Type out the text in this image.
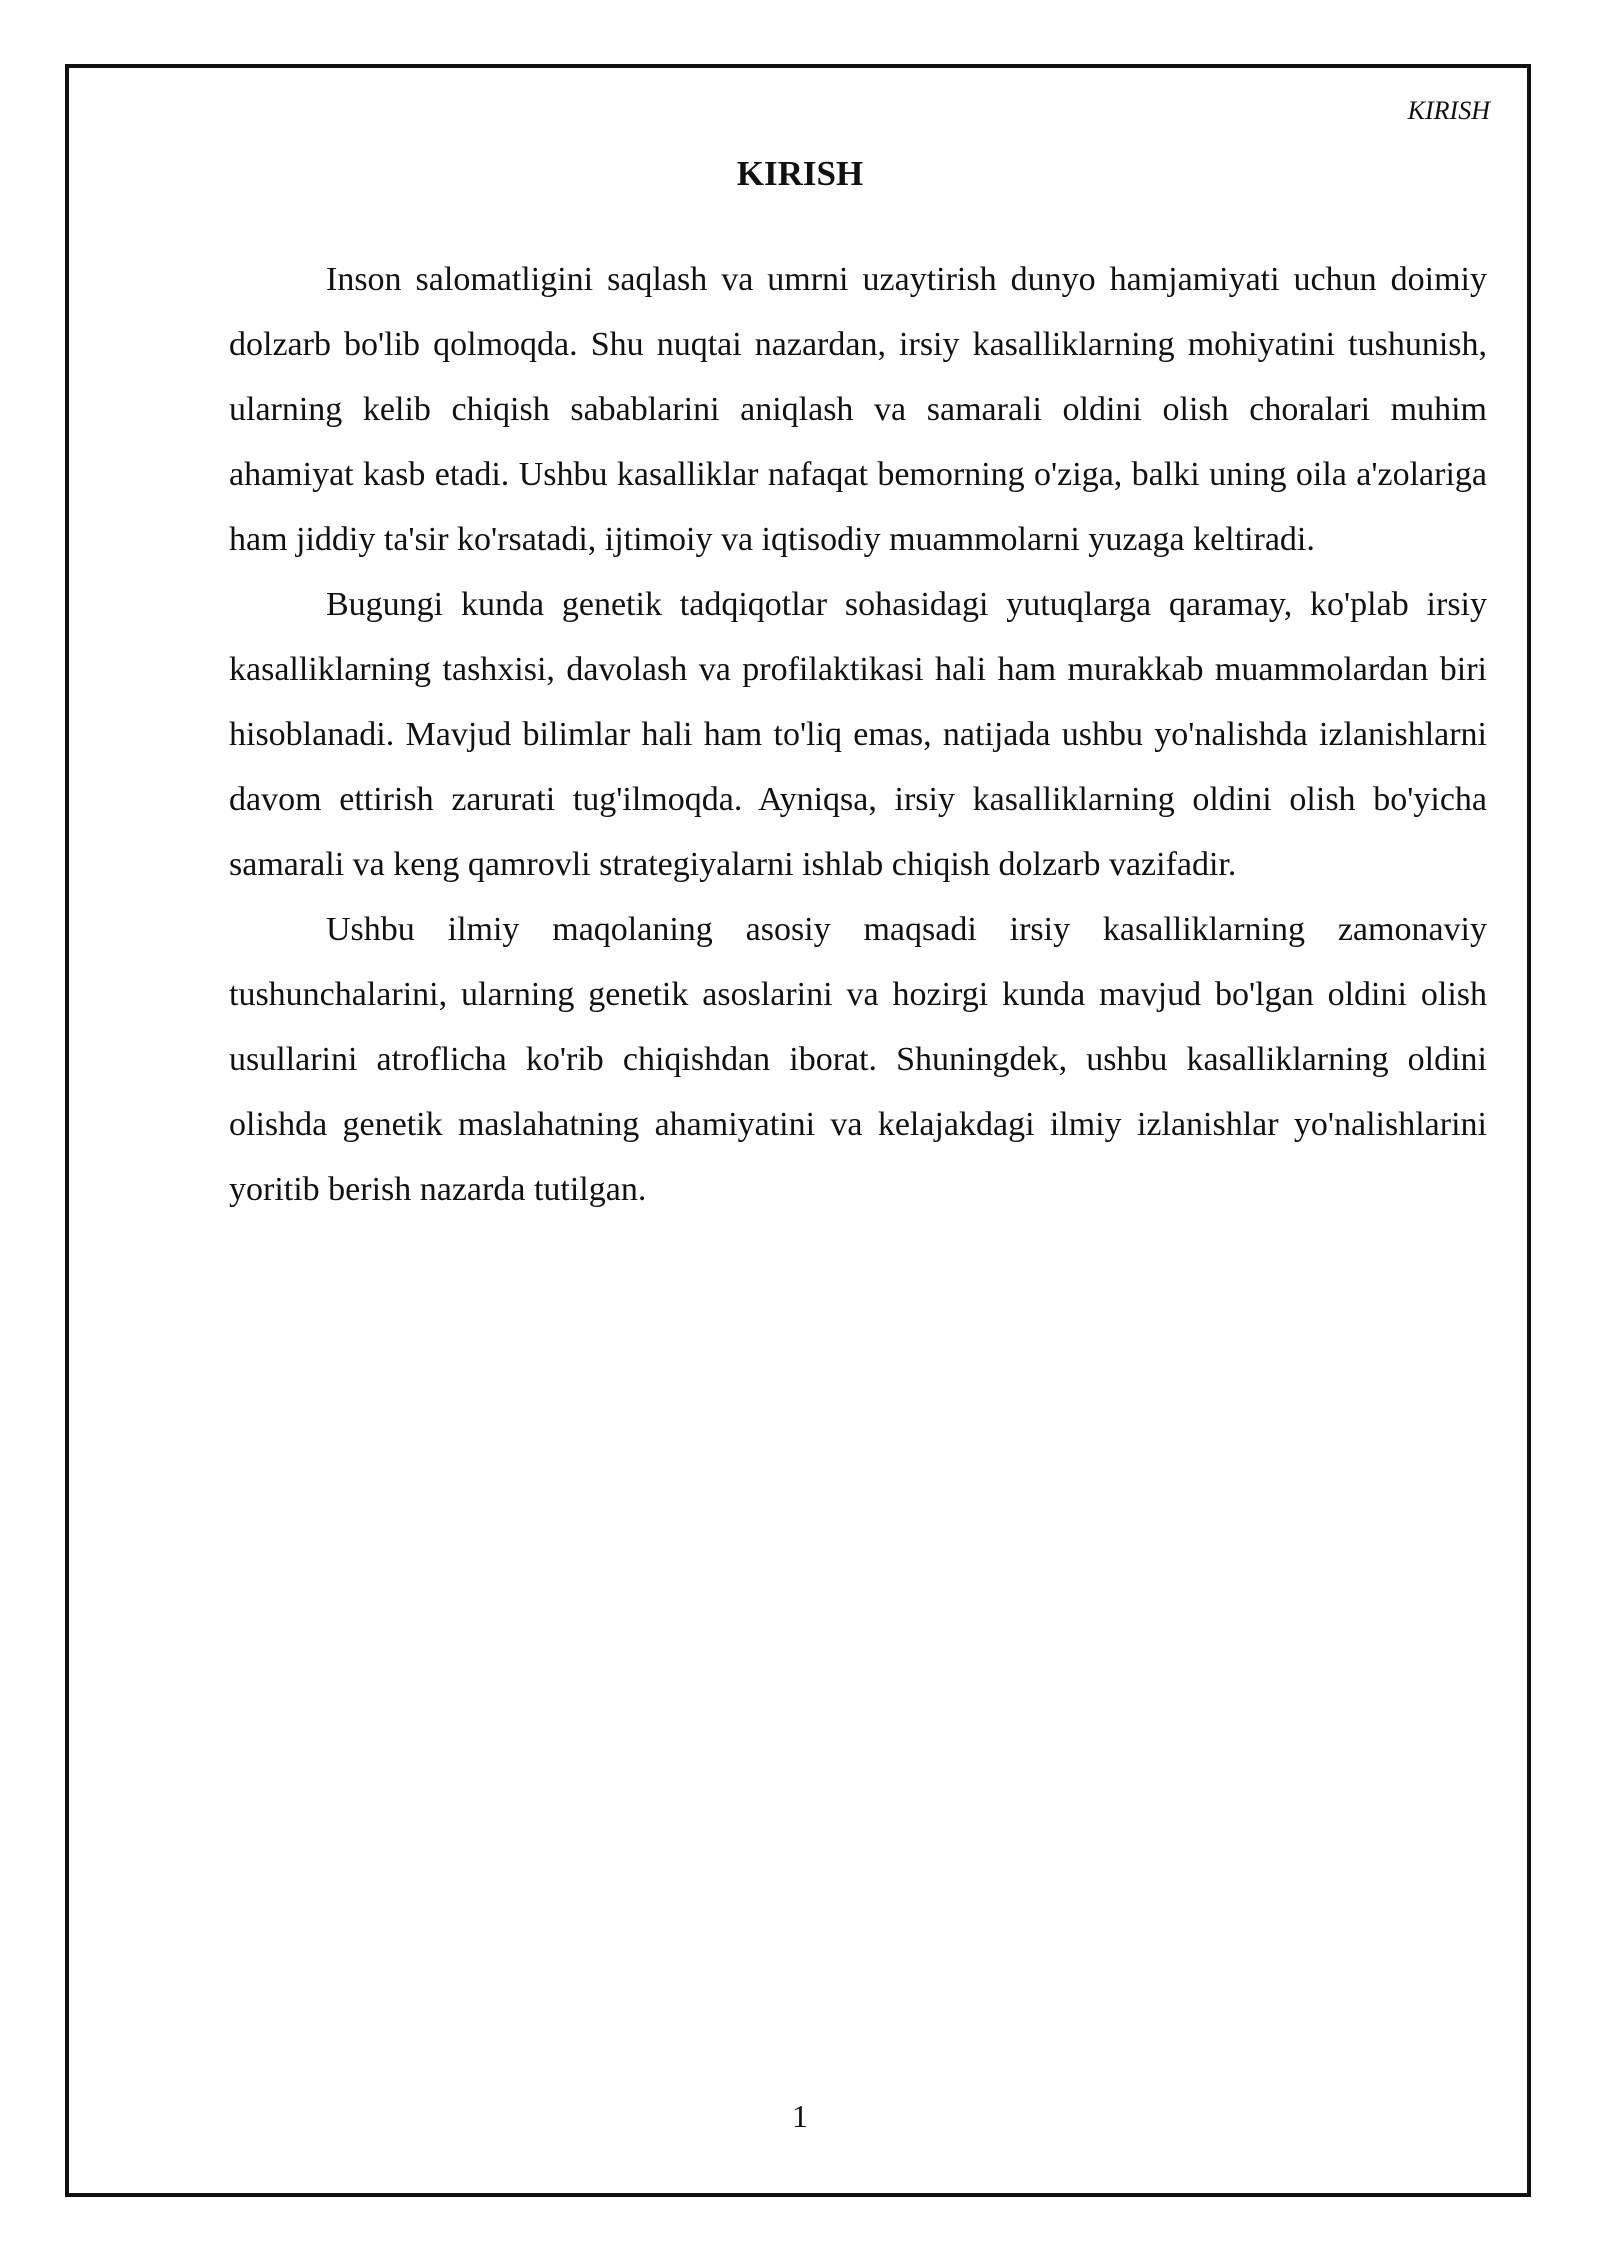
KIRISH
KIRISH

Inson salomatligini saqlash va umrni uzaytirish dunyo hamjamiyati uchun doimiy dolzarb bo'lib qolmoqda. Shu nuqtai nazardan, irsiy kasalliklarning mohiyatini tushunish, ularning kelib chiqish sabablarini aniqlash va samarali oldini olish choralari muhim ahamiyat kasb etadi. Ushbu kasalliklar nafaqat bemorning o'ziga, balki uning oila a'zolariga ham jiddiy ta'sir ko'rsatadi, ijtimoiy va iqtisodiy muammolarni yuzaga keltiradi.

Bugungi kunda genetik tadqiqotlar sohasidagi yutuqlarga qaramay, ko'plab irsiy kasalliklarning tashxisi, davolash va profilaktikasi hali ham murakkab muammolardan biri hisoblanadi. Mavjud bilimlar hali ham to'liq emas, natijada ushbu yo'nalishda izlanishlarni davom ettirish zarurati tug'ilmoqda. Ayniqsa, irsiy kasalliklarning oldini olish bo'yicha samarali va keng qamrovli strategiyalarni ishlab chiqish dolzarb vazifadir.

Ushbu ilmiy maqolaning asosiy maqsadi irsiy kasalliklarning zamonaviy tushunchalarini, ularning genetik asoslarini va hozirgi kunda mavjud bo'lgan oldini olish usullarini atroflicha ko'rib chiqishdan iborat. Shuningdek, ushbu kasalliklarning oldini olishda genetik maslahatning ahamiyatini va kelajakdagi ilmiy izlanishlar yo'nalishlarini yoritib berish nazarda tutilgan.

1
